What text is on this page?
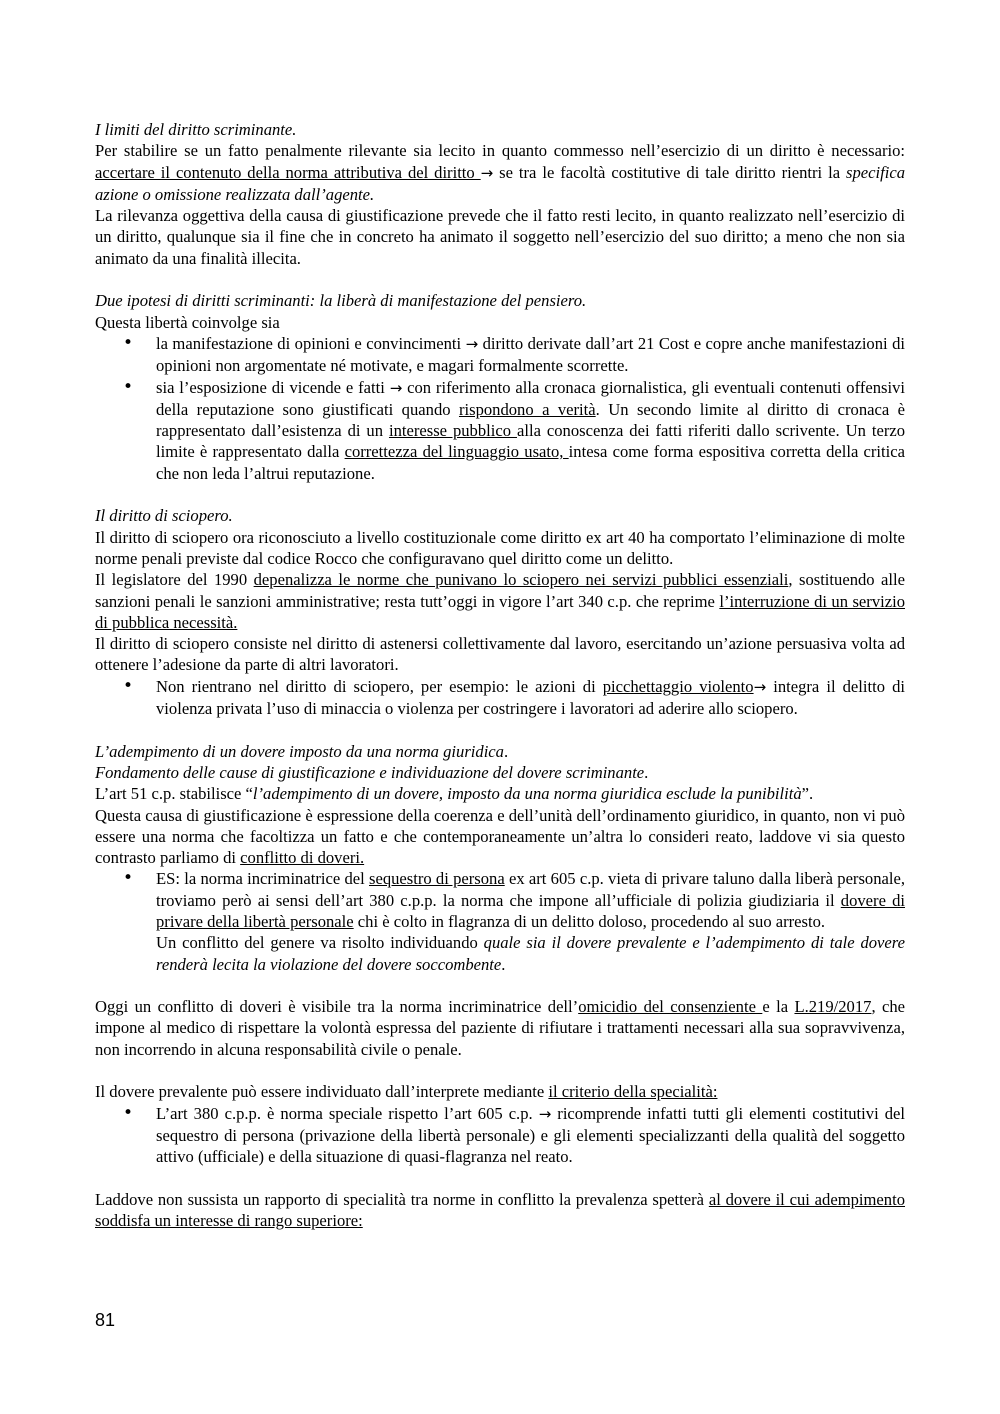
I limiti del diritto scriminante.

Per stabilire se un fatto penalmente rilevante sia lecito in quanto commesso nell’esercizio di un diritto è necessario: accertare il contenuto della norma attributiva del diritto → se tra le facoltà costitutive di tale diritto rientri la specifica azione o omissione realizzata dall’agente.

La rilevanza oggettiva della causa di giustificazione prevede che il fatto resti lecito, in quanto realizzato nell’esercizio di un diritto, qualunque sia il fine che in concreto ha animato il soggetto nell’esercizio del suo diritto; a meno che non sia animato da una finalità illecita.

Due ipotesi di diritti scriminanti: la liberà di manifestazione del pensiero.

Questa libertà coinvolge sia

• la manifestazione di opinioni e convincimenti → diritto derivate dall’art 21 Cost e copre anche manifestazioni di opinioni non argomentate né motivate, e magari formalmente scorrette.
• sia l’esposizione di vicende e fatti → con riferimento alla cronaca giornalistica, gli eventuali contenuti offensivi della reputazione sono giustificati quando rispondono a verità. Un secondo limite al diritto di cronaca è rappresentato dall’esistenza di un interesse pubblico alla conoscenza dei fatti riferiti dallo scrivente. Un terzo limite è rappresentato dalla correttezza del linguaggio usato, intesa come forma espositiva corretta della critica che non leda l’altrui reputazione.

Il diritto di sciopero.

Il diritto di sciopero ora riconosciuto a livello costituzionale come diritto ex art 40 ha comportato l’eliminazione di molte norme penali previste dal codice Rocco che configuravano quel diritto come un delitto.

Il legislatore del 1990 depenalizza le norme che punivano lo sciopero nei servizi pubblici essenziali, sostituendo alle sanzioni penali le sanzioni amministrative; resta tutt’oggi in vigore l’art 340 c.p. che reprime l’interruzione di un servizio di pubblica necessità.

Il diritto di sciopero consiste nel diritto di astenersi collettivamente dal lavoro, esercitando un’azione persuasiva volta ad ottenere l’adesione da parte di altri lavoratori.

• Non rientrano nel diritto di sciopero, per esempio: le azioni di picchettaggio violento→ integra il delitto di violenza privata l’uso di minaccia o violenza per costringere i lavoratori ad aderire allo sciopero.

L’adempimento di un dovere imposto da una norma giuridica.

Fondamento delle cause di giustificazione e individuazione del dovere scriminante.

L’art 51 c.p. stabilisce “l’adempimento di un dovere, imposto da una norma giuridica esclude la punibilità”.

Questa causa di giustificazione è espressione della coerenza e dell’unità dell’ordinamento giuridico, in quanto, non vi può essere una norma che facoltizza un fatto e che contemporaneamente un’altra lo consideri reato, laddove vi sia questo contrasto parliamo di conflitto di doveri.

• ES: la norma incriminatrice del sequestro di persona ex art 605 c.p. vieta di privare taluno dalla liberà personale, troviamo però ai sensi dell’art 380 c.p.p. la norma che impone all’ufficiale di polizia giudiziaria il dovere di privare della libertà personale chi è colto in flagranza di un delitto doloso, procedendo al suo arresto.
Un conflitto del genere va risolto individuando quale sia il dovere prevalente e l’adempimento di tale dovere renderà lecita la violazione del dovere soccombente.

Oggi un conflitto di doveri è visibile tra la norma incriminatrice dell’omicidio del consenziente e la L.219/2017, che impone al medico di rispettare la volontà espressa del paziente di rifiutare i trattamenti necessari alla sua sopravvivenza, non incorrendo in alcuna responsabilità civile o penale.

Il dovere prevalente può essere individuato dall’interprete mediante il criterio della specialità:

• L’art 380 c.p.p. è norma speciale rispetto l’art 605 c.p. → ricomprende infatti tutti gli elementi costitutivi del sequestro di persona (privazione della libertà personale) e gli elementi specializzanti della qualità del soggetto attivo (ufficiale) e della situazione di quasi-flagranza nel reato.

Laddove non sussista un rapporto di specialità tra norme in conflitto la prevalenza spetterà al dovere il cui adempimento soddisfa un interesse di rango superiore:

81
